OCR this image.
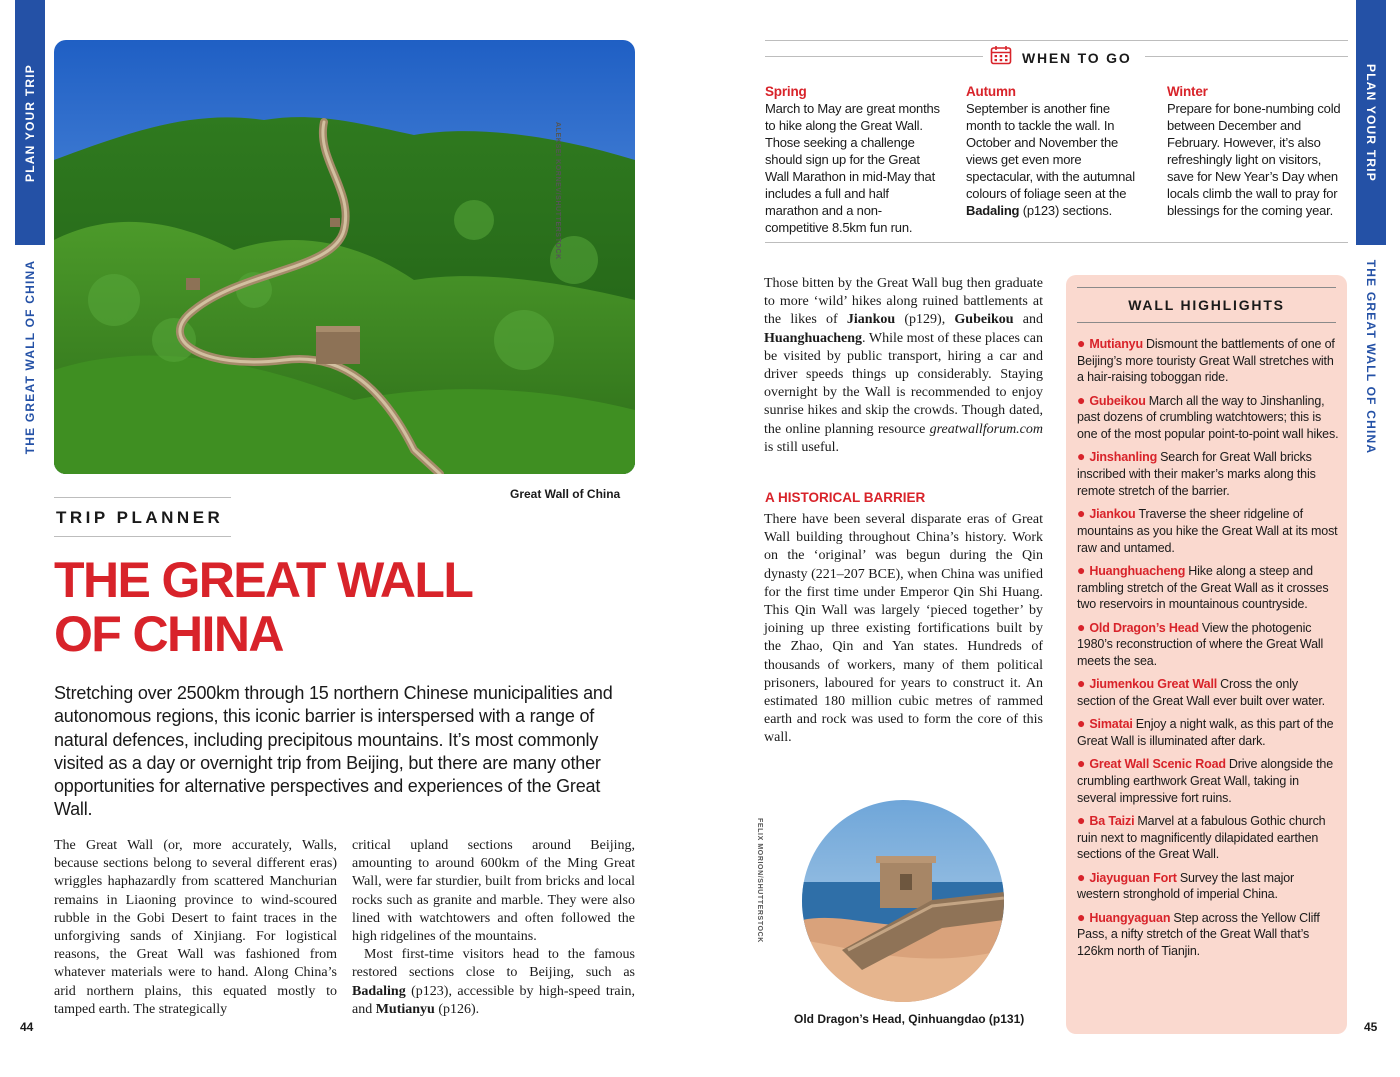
PLAN YOUR TRIP
THE GREAT WALL OF CHINA
PLAN YOUR TRIP
THE GREAT WALL OF CHINA
ALEKSEI KORNEV/SHUTTERSTOCK
Great Wall of China
TRIP PLANNER
THE GREAT WALL
OF CHINA

Stretching over 2500km through 15 northern Chinese municipalities and autonomous regions, this iconic barrier is interspersed with a range of natural defences, including precipitous mountains. It’s most commonly visited as a day or overnight trip from Beijing, but there are many other opportunities for alternative perspectives and experiences of the Great Wall.

The Great Wall (or, more accurately, Walls, because sections belong to several different eras) wriggles haphazardly from scattered Manchurian remains in Liaoning province to wind-scoured rubble in the Gobi Desert to faint traces in the unforgiving sands of Xinjiang. For logistical reasons, the Great Wall was fashioned from whatever materials were to hand. Along China’s arid northern plains, this equated mostly to tamped earth. The strategically

critical upland sections around Beijing, amounting to around 600km of the Ming Great Wall, were far sturdier, built from bricks and local rocks such as granite and marble. They were also lined with watchtowers and often followed the high ridgelines of the mountains.

Most first-time visitors head to the famous restored sections close to Beijing, such as Badaling (p123), accessible by high-speed train, and Mutianyu (p126).

44	45
WHEN TO GO
Spring
March to May are great months to hike along the Great Wall. Those seeking a challenge should sign up for the Great Wall Marathon in mid-May that includes a full and half marathon and a non-competitive 8.5km fun run.
Autumn
September is another fine month to tackle the wall. In October and November the views get even more spectacular, with the autumnal colours of foliage seen at the Badaling (p123) sections.
Winter
Prepare for bone-numbing cold between December and February. However, it’s also refreshingly light on visitors, save for New Year’s Day when locals climb the wall to pray for blessings for the coming year.

Those bitten by the Great Wall bug then graduate to more ‘wild’ hikes along ruined battlements at the likes of Jiankou (p129), Gubeikou and Huanghuacheng. While most of these places can be visited by public transport, hiring a car and driver speeds things up considerably. Staying overnight by the Wall is recommended to enjoy sunrise hikes and skip the crowds. Though dated, the online planning resource greatwallforum.com is still useful.

A HISTORICAL BARRIER

There have been several disparate eras of Great Wall building throughout China’s history. Work on the ‘original’ was begun during the Qin dynasty (221–207 BCE), when China was unified for the first time under Emperor Qin Shi Huang. This Qin Wall was largely ‘pieced together’ by joining up three existing fortifications built by the Zhao, Qin and Yan states. Hundreds of thousands of workers, many of them political prisoners, laboured for years to construct it. An estimated 180 million cubic metres of rammed earth and rock was used to form the core of this wall.

FELIX MORION/SHUTTERSTOCK
Old Dragon’s Head, Qinhuangdao (p131)
WALL HIGHLIGHTS
● Mutianyu Dismount the battlements of one of Beijing’s more touristy Great Wall stretches with a hair-raising toboggan ride.
● Gubeikou March all the way to Jinshanling, past dozens of crumbling watchtowers; this is one of the most popular point-to-point wall hikes.
● Jinshanling Search for Great Wall bricks inscribed with their maker’s marks along this remote stretch of the barrier.
● Jiankou Traverse the sheer ridgeline of mountains as you hike the Great Wall at its most raw and untamed.
● Huanghuacheng Hike along a steep and rambling stretch of the Great Wall as it crosses two reservoirs in mountainous countryside.
● Old Dragon’s Head View the photogenic 1980’s reconstruction of where the Great Wall meets the sea.
● Jiumenkou Great Wall Cross the only section of the Great Wall ever built over water.
● Simatai Enjoy a night walk, as this part of the Great Wall is illuminated after dark.
● Great Wall Scenic Road Drive alongside the crumbling earthwork Great Wall, taking in several impressive fort ruins.
● Ba Taizi Marvel at a fabulous Gothic church ruin next to magnificently dilapidated earthen sections of the Great Wall.
● Jiayuguan Fort Survey the last major western stronghold of imperial China.
● Huangyaguan Step across the Yellow Cliff Pass, a nifty stretch of the Great Wall that’s 126km north of Tianjin.
